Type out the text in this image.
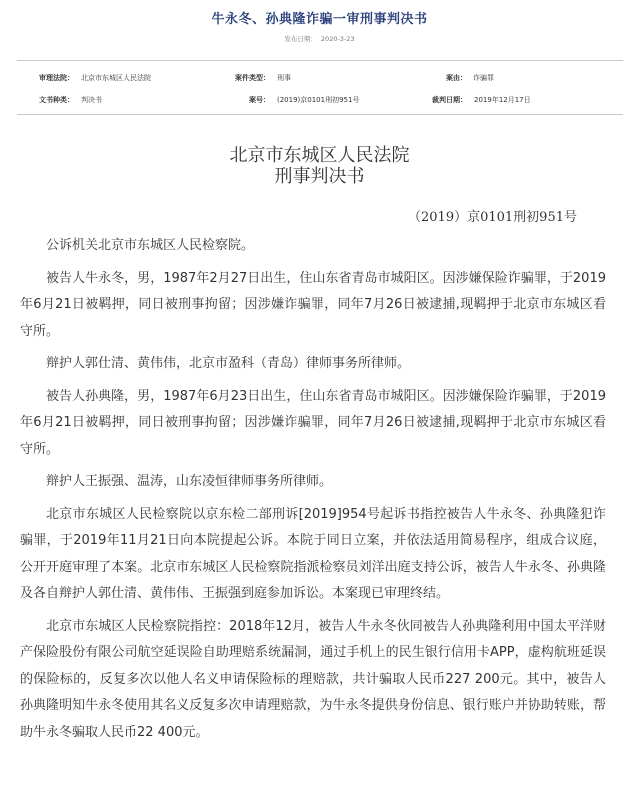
牛永冬、孙典隆诈骗一审刑事判决书
发布日期： 2020-3-23
审理法院： 北京市东城区人民法院	案件类型： 刑事	案由： 诈骗罪
文书种类： 判决书	案号： (2019)京0101刑初951号	裁判日期： 2019年12月17日
北京市东城区人民法院
刑事判决书
（2019）京0101刑初951号

公诉机关北京市东城区人民检察院。

被告人牛永冬，男，1987年2月27日出生，住山东省青岛市城阳区。因涉嫌保险诈骗罪，于2019年6月21日被羁押，同日被刑事拘留；因涉嫌诈骗罪，同年7月26日被逮捕,现羁押于北京市东城区看守所。

辩护人郭仕清、黄伟伟，北京市盈科（青岛）律师事务所律师。

被告人孙典隆，男，1987年6月23日出生，住山东省青岛市城阳区。因涉嫌保险诈骗罪，于2019年6月21日被羁押，同日被刑事拘留；因涉嫌诈骗罪，同年7月26日被逮捕,现羁押于北京市东城区看守所。

辩护人王振强、温涛，山东凌恒律师事务所律师。

北京市东城区人民检察院以京东检二部刑诉[2019]954号起诉书指控被告人牛永冬、孙典隆犯诈骗罪，于2019年11月21日向本院提起公诉。本院于同日立案，并依法适用简易程序，组成合议庭，公开开庭审理了本案。北京市东城区人民检察院指派检察员刘洋出庭支持公诉，被告人牛永冬、孙典隆及各自辩护人郭仕清、黄伟伟、王振强到庭参加诉讼。本案现已审理终结。

北京市东城区人民检察院指控：2018年12月，被告人牛永冬伙同被告人孙典隆利用中国太平洋财产保险股份有限公司航空延误险自助理赔系统漏洞，通过手机上的民生银行信用卡APP，虚构航班延误的保险标的，反复多次以他人名义申请保险标的理赔款，共计骗取人民币227 200元。其中，被告人孙典隆明知牛永冬使用其名义反复多次申请理赔款，为牛永冬提供身份信息、银行账户并协助转账，帮助牛永冬骗取人民币22 400元。
